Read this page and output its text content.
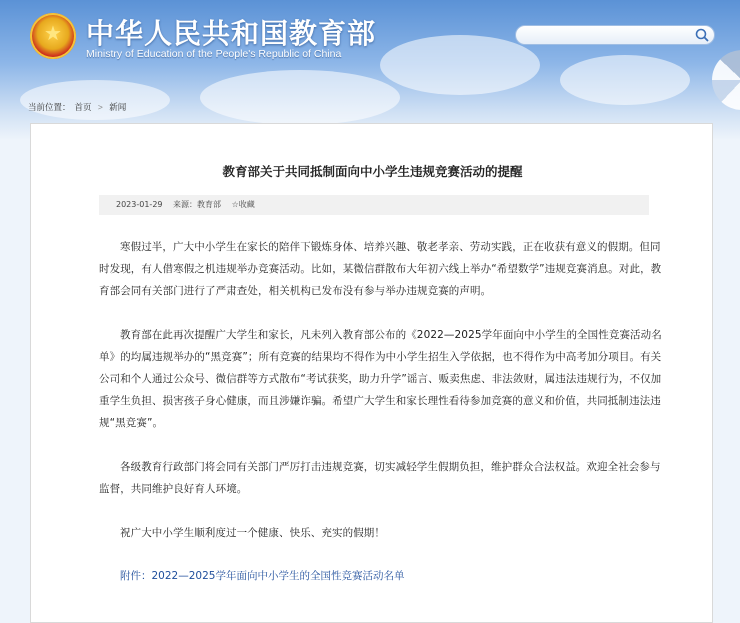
★ 中华人民共和国教育部
Ministry of Education of the People's Republic of China
当前位置： 首页 > 新闻
教育部关于共同抵制面向中小学生违规竞赛活动的提醒
2023-01-29 来源：教育部 ☆收藏
寒假过半，广大中小学生在家长的陪伴下锻炼身体、培养兴趣、敬老孝亲、劳动实践，正在收获有意义的假期。但同时发现，有人借寒假之机违规举办竞赛活动。比如，某微信群散布大年初六线上举办“希望数学”违规竞赛消息。对此，教育部会同有关部门进行了严肃查处，相关机构已发布没有参与举办违规竞赛的声明。
教育部在此再次提醒广大学生和家长，凡未列入教育部公布的《2022—2025学年面向中小学生的全国性竞赛活动名单》的均属违规举办的“黑竞赛”；所有竞赛的结果均不得作为中小学生招生入学依据，也不得作为中高考加分项目。有关公司和个人通过公众号、微信群等方式散布“考试获奖，助力升学”谣言、贩卖焦虑、非法敛财，属违法违规行为，不仅加重学生负担、损害孩子身心健康，而且涉嫌诈骗。希望广大学生和家长理性看待参加竞赛的意义和价值，共同抵制违法违规“黑竞赛”。
各级教育行政部门将会同有关部门严厉打击违规竞赛，切实减轻学生假期负担，维护群众合法权益。欢迎全社会参与监督，共同维护良好育人环境。
祝广大中小学生顺利度过一个健康、快乐、充实的假期！
附件：2022—2025学年面向中小学生的全国性竞赛活动名单
